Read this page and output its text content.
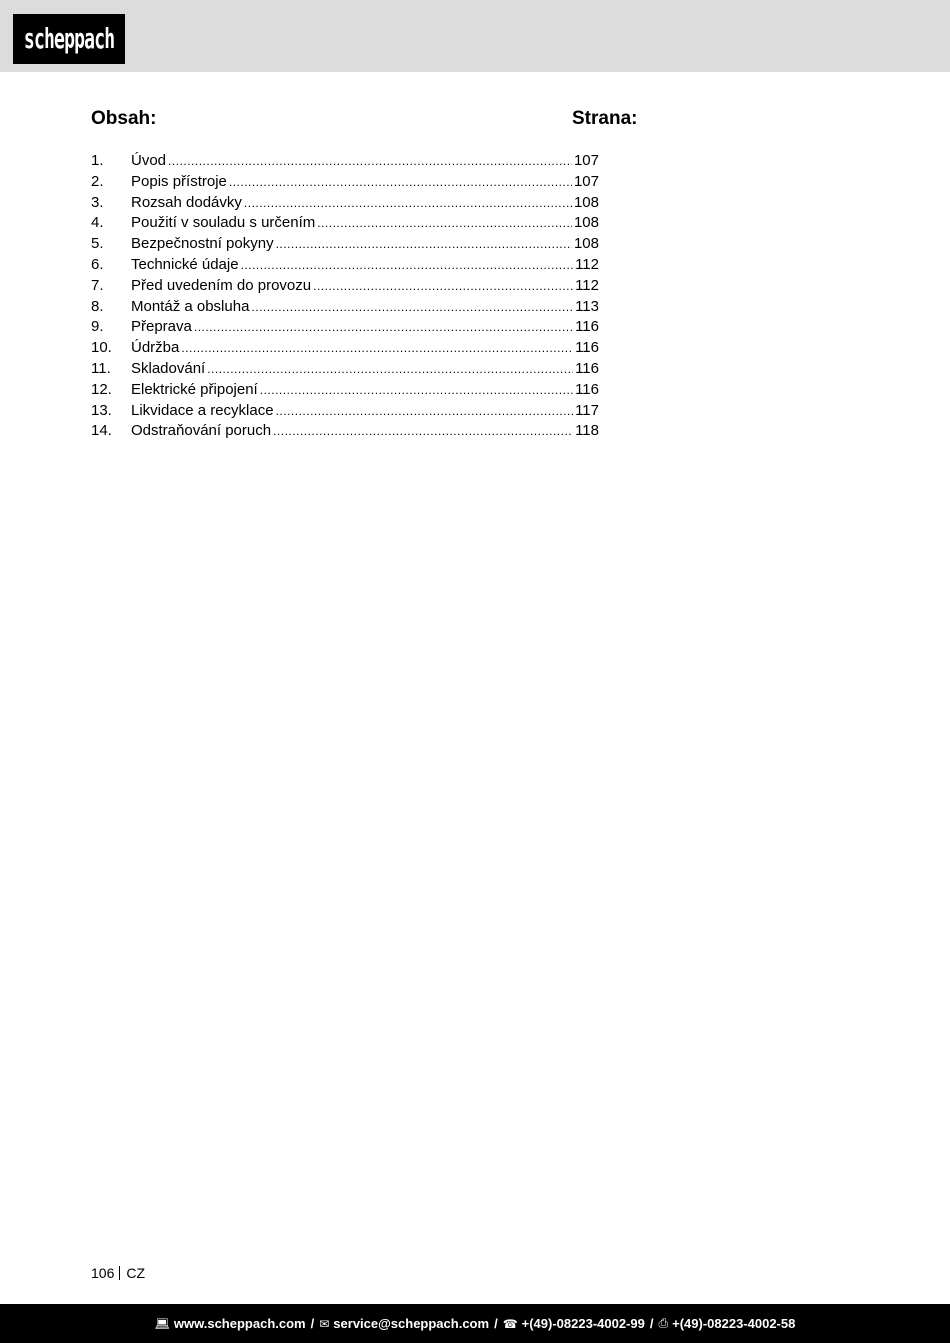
scheppach
Obsah:	Strana:
1.	Úvod .....	107
2.	Popis přístroje .....	107
3.	Rozsah dodávky .....	108
4.	Použití v souladu s určením .....	108
5.	Bezpečnostní pokyny .....	108
6.	Technické údaje .....	112
7.	Před uvedením do provozu .....	112
8.	Montáž a obsluha .....	113
9.	Přeprava .....	116
10.	Údržba .....	116
11.	Skladování .....	116
12.	Elektrické připojení .....	116
13.	Likvidace a recyklace .....	117
14.	Odstraňování poruch .....	118
106 CZ
💻︎ www.scheppach.com / ✉︎ service@scheppach.com / ☎︎ +(49)-08223-4002-99 / ⎙ +(49)-08223-4002-58
